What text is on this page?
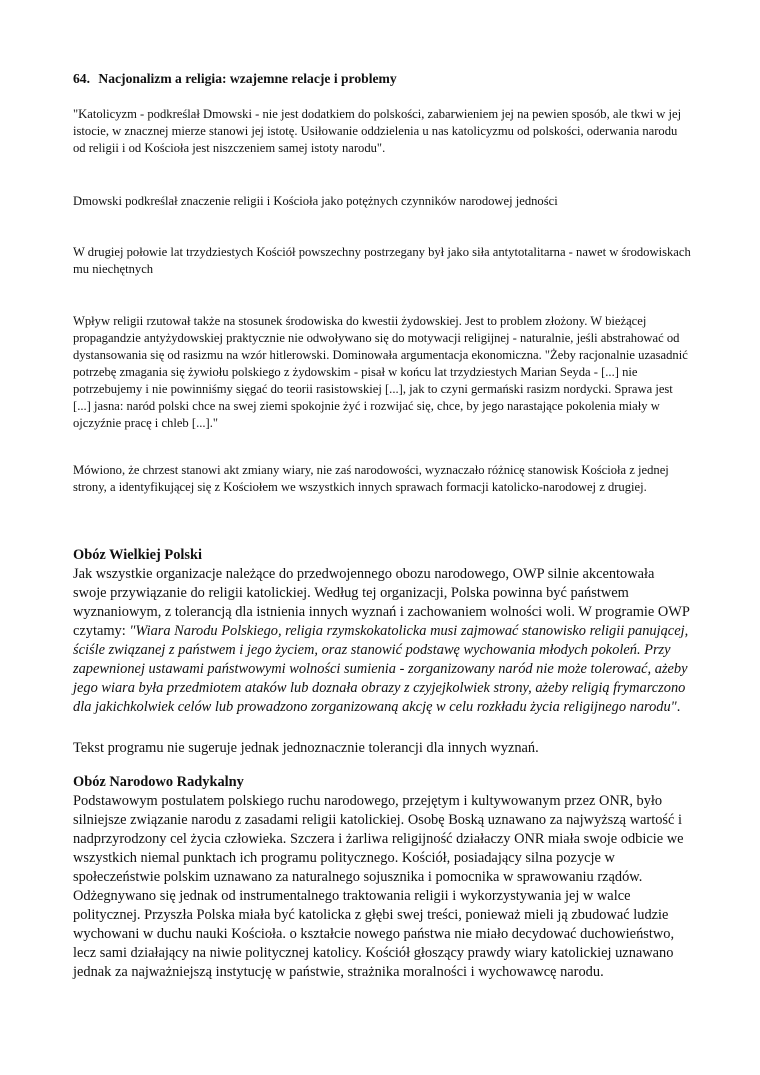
64. Nacjonalizm a religia: wzajemne relacje i problemy

"Katolicyzm - podkreślał Dmowski - nie jest dodatkiem do polskości, zabarwieniem jej na pewien sposób, ale tkwi w jej istocie, w znacznej mierze stanowi jej istotę. Usiłowanie oddzielenia u nas katolicyzmu od polskości, oderwania narodu od religii i od Kościoła jest niszczeniem samej istoty narodu".

Dmowski podkreślał znaczenie religii i Kościoła jako potężnych czynników narodowej jedności

W drugiej połowie lat trzydziestych Kościół powszechny postrzegany był jako siła antytotalitarna - nawet w środowiskach mu niechętnych

Wpływ religii rzutował także na stosunek środowiska do kwestii żydowskiej. Jest to problem złożony. W bieżącej propagandzie antyżydowskiej praktycznie nie odwoływano się do motywacji religijnej - naturalnie, jeśli abstrahować od dystansowania się od rasizmu na wzór hitlerowski. Dominowała argumentacja ekonomiczna. "Żeby racjonalnie uzasadnić potrzebę zmagania się żywiołu polskiego z żydowskim - pisał w końcu lat trzydziestych Marian Seyda - [...] nie potrzebujemy i nie powinniśmy sięgać do teorii rasistowskiej [...], jak to czyni germański rasizm nordycki. Sprawa jest [...] jasna: naród polski chce na swej ziemi spokojnie żyć i rozwijać się, chce, by jego narastające pokolenia miały w ojczyźnie pracę i chleb [...]."

Mówiono, że chrzest stanowi akt zmiany wiary, nie zaś narodowości, wyznaczało różnicę stanowisk Kościoła z jednej strony, a identyfikującej się z Kościołem we wszystkich innych sprawach formacji katolicko-narodowej z drugiej.

Obóz Wielkiej Polski
Jak wszystkie organizacje należące do przedwojennego obozu narodowego, OWP silnie akcentowała swoje przywiązanie do religii katolickiej. Według tej organizacji, Polska powinna być państwem wyznaniowym, z tolerancją dla istnienia innych wyznań i zachowaniem wolności woli. W programie OWP czytamy: "Wiara Narodu Polskiego, religia rzymskokatolicka musi zajmować stanowisko religii panującej, ściśle związanej z państwem i jego życiem, oraz stanowić podstawę wychowania młodych pokoleń. Przy zapewnionej ustawami państwowymi wolności sumienia - zorganizowany naród nie może tolerować, ażeby jego wiara była przedmiotem ataków lub doznała obrazy z czyjejkolwiek strony, ażeby religią frymarczono dla jakichkolwiek celów lub prowadzono zorganizowaną akcję w celu rozkładu życia religijnego narodu".

Tekst programu nie sugeruje jednak jednoznacznie tolerancji dla innych wyznań.

Obóz Narodowo Radykalny
Podstawowym postulatem polskiego ruchu narodowego, przejętym i kultywowanym przez ONR, było silniejsze związanie narodu z zasadami religii katolickiej. Osobę Boską uznawano za najwyższą wartość i nadprzyrodzony cel życia człowieka. Szczera i żarliwa religijność działaczy ONR miała swoje odbicie we wszystkich niemal punktach ich programu politycznego. Kościół, posiadający silna pozycje w społeczeństwie polskim uznawano za naturalnego sojusznika i pomocnika w sprawowaniu rządów. Odżegnywano się jednak od instrumentalnego traktowania religii i wykorzystywania jej w walce politycznej. Przyszła Polska miała być katolicka z głębi swej treści, ponieważ mieli ją zbudować ludzie wychowani w duchu nauki Kościoła. o kształcie nowego państwa nie miało decydować duchowieństwo, lecz sami działający na niwie politycznej katolicy. Kościół głoszący prawdy wiary katolickiej uznawano jednak za najważniejszą instytucję w państwie, strażnika moralności i wychowawcę narodu.
